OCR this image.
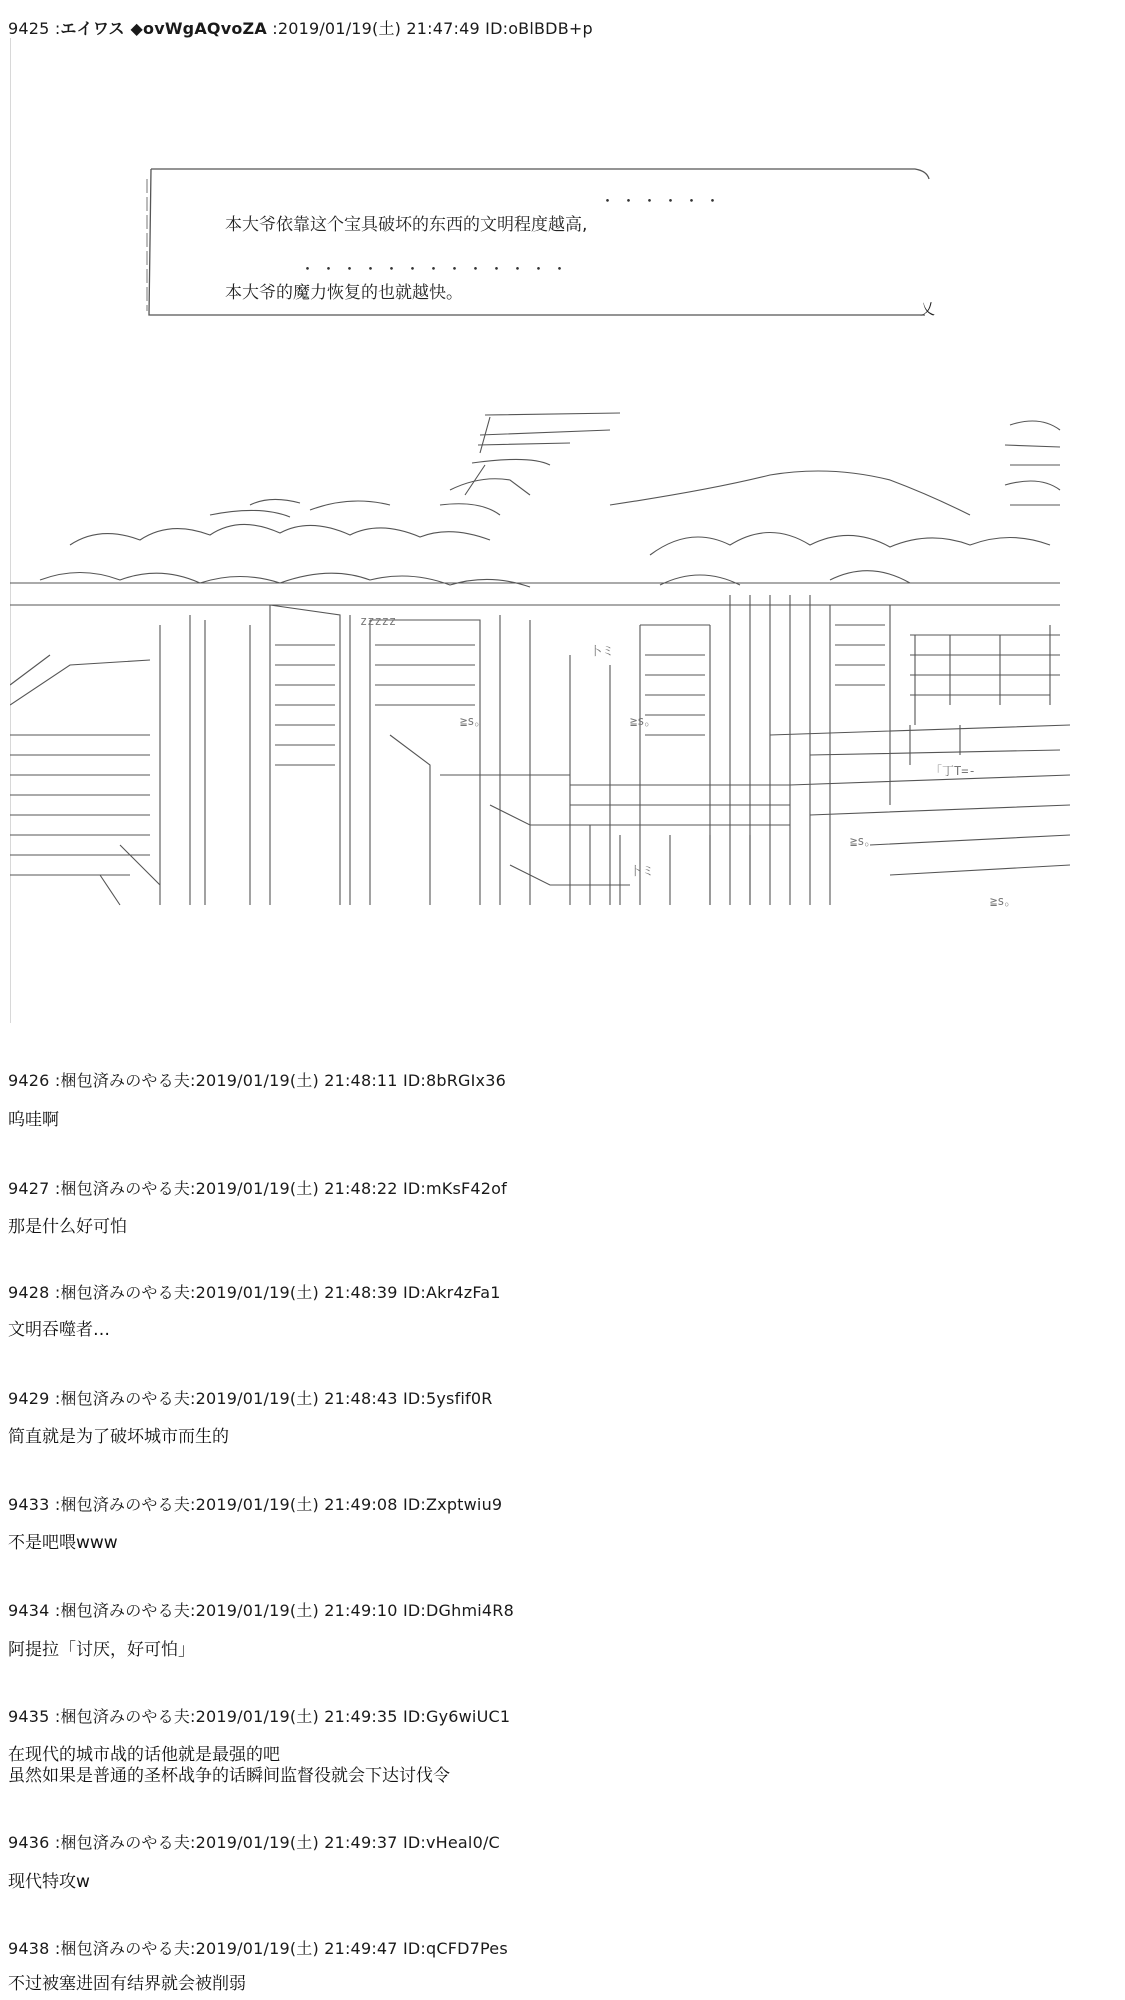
9425 :エイワス ◆ovWgAQvoZA :2019/01/19(土) 21:47:49 ID:oBlBDB+p
・・・・・・
本大爷依靠这个宝具破坏的东西的文明程度越高,
・・・・・・・・・・・・・
本大爷的魔力恢复的也就越快。
乂
卜ミ
≧s。
卜ミ
≧s。
≧s。
zzzzz
≧s。
「丁T=-
9426 :梱包済みのやる夫:2019/01/19(土) 21:48:11 ID:8bRGIx36
呜哇啊
9427 :梱包済みのやる夫:2019/01/19(土) 21:48:22 ID:mKsF42of
那是什么好可怕
9428 :梱包済みのやる夫:2019/01/19(土) 21:48:39 ID:Akr4zFa1
文明吞噬者…
9429 :梱包済みのやる夫:2019/01/19(土) 21:48:43 ID:5ysfif0R
简直就是为了破坏城市而生的
9433 :梱包済みのやる夫:2019/01/19(土) 21:49:08 ID:Zxptwiu9
不是吧喂www
9434 :梱包済みのやる夫:2019/01/19(土) 21:49:10 ID:DGhmi4R8
阿提拉「讨厌，好可怕」
9435 :梱包済みのやる夫:2019/01/19(土) 21:49:35 ID:Gy6wiUC1
在现代的城市战的话他就是最强的吧
虽然如果是普通的圣杯战争的话瞬间监督役就会下达讨伐令
9436 :梱包済みのやる夫:2019/01/19(土) 21:49:37 ID:vHeal0/C
现代特攻w
9438 :梱包済みのやる夫:2019/01/19(土) 21:49:47 ID:qCFD7Pes
不过被塞进固有结界就会被削弱
